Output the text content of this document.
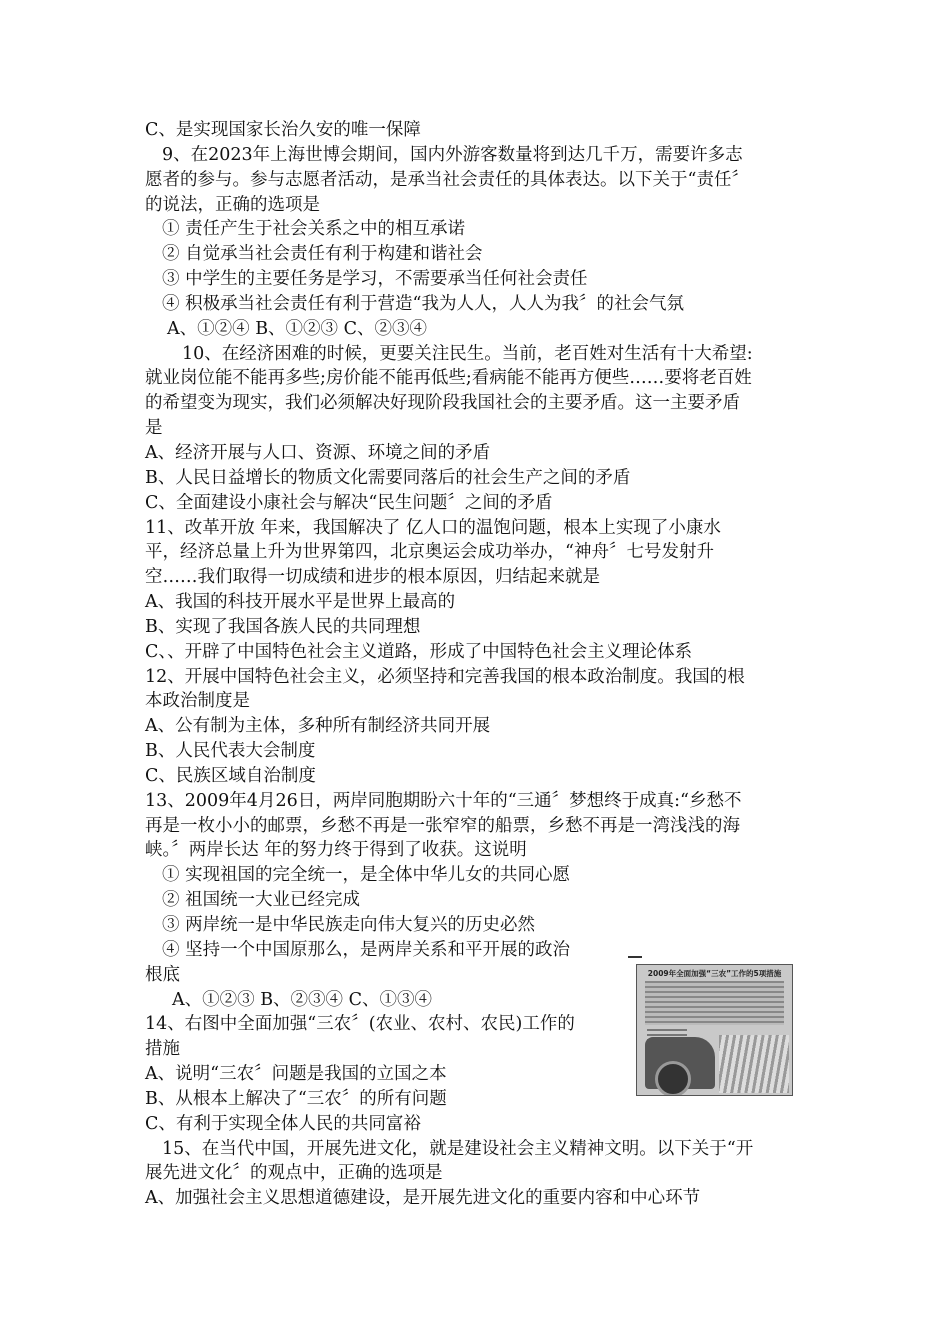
C、是实现国家长治久安的唯一保障
9、在2023年上海世博会期间，国内外游客数量将到达几千万，需要许多志
愿者的参与。参与志愿者活动，是承当社会责任的具体表达。以下关于“责任〞
的说法，正确的选项是
① 责任产生于社会关系之中的相互承诺
② 自觉承当社会责任有利于构建和谐社会
③ 中学生的主要任务是学习，不需要承当任何社会责任
④ 积极承当社会责任有利于营造“我为人人，人人为我〞的社会气氛
A、①②④ B、①②③ C、②③④
10、在经济困难的时候，更要关注民生。当前，老百姓对生活有十大希望:
就业岗位能不能再多些;房价能不能再低些;看病能不能再方便些……要将老百姓
的希望变为现实，我们必须解决好现阶段我国社会的主要矛盾。这一主要矛盾
是
A、经济开展与人口、资源、环境之间的矛盾
B、人民日益增长的物质文化需要同落后的社会生产之间的矛盾
C、全面建设小康社会与解决“民生问题〞之间的矛盾
11、改革开放 年来，我国解决了 亿人口的温饱问题，根本上实现了小康水
平，经济总量上升为世界第四，北京奥运会成功举办，“神舟〞七号发射升
空……我们取得一切成绩和进步的根本原因，归结起来就是
A、我国的科技开展水平是世界上最高的
B、实现了我国各族人民的共同理想
C、、开辟了中国特色社会主义道路，形成了中国特色社会主义理论体系
12、开展中国特色社会主义，必须坚持和完善我国的根本政治制度。我国的根
本政治制度是
A、公有制为主体，多种所有制经济共同开展
B、人民代表大会制度
C、民族区域自治制度
13、2009年4月26日，两岸同胞期盼六十年的“三通〞梦想终于成真:“乡愁不
再是一枚小小的邮票，乡愁不再是一张窄窄的船票，乡愁不再是一湾浅浅的海
峡。〞两岸长达 年的努力终于得到了收获。这说明
① 实现祖国的完全统一，是全体中华儿女的共同心愿
② 祖国统一大业已经完成
③ 两岸统一是中华民族走向伟大复兴的历史必然
④ 坚持一个中国原那么，是两岸关系和平开展的政治
根底
A、①②③ B、②③④ C、①③④
14、右图中全面加强“三农〞(农业、农村、农民)工作的
措施
A、说明“三农〞问题是我国的立国之本
B、从根本上解决了“三农〞的所有问题
C、有利于实现全体人民的共同富裕
15、在当代中国，开展先进文化，就是建设社会主义精神文明。以下关于“开
展先进文化〞的观点中，正确的选项是
A、加强社会主义思想道德建设，是开展先进文化的重要内容和中心环节
2009年全面加强“三农”工作的5项措施
